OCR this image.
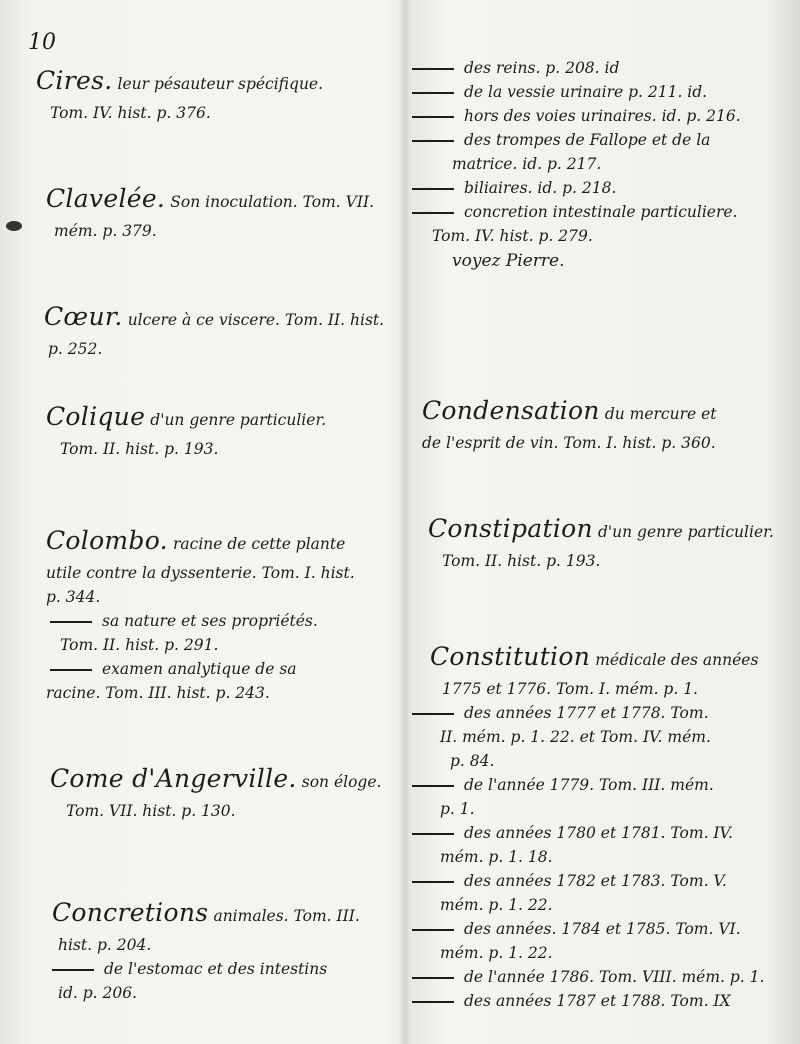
10
Cires. leur pésauteur spécifique.
Tom. IV. hist. p. 376.
Clavelée. Son inoculation. Tom. VII.
mém. p. 379.
Cœur. ulcere à ce viscere. Tom. II. hist.
p. 252.
Colique d'un genre particulier.
Tom. II. hist. p. 193.
Colombo. racine de cette plante
utile contre la dyssenterie. Tom. I. hist.
p. 344.
sa nature et ses propriétés.
Tom. II. hist. p. 291.
examen analytique de sa
racine. Tom. III. hist. p. 243.
Come d'Angerville. son éloge.
Tom. VII. hist. p. 130.
Concretions animales. Tom. III.
hist. p. 204.
de l'estomac et des intestins
id. p. 206.
des reins. p. 208. id
de la vessie urinaire p. 211. id.
hors des voies urinaires. id. p. 216.
des trompes de Fallope et de la
matrice. id. p. 217.
biliaires. id. p. 218.
concretion intestinale particuliere.
Tom. IV. hist. p. 279.
voyez Pierre.
Condensation du mercure et
de l'esprit de vin. Tom. I. hist. p. 360.
Constipation d'un genre particulier.
Tom. II. hist. p. 193.
Constitution médicale des années
1775 et 1776. Tom. I. mém. p. 1.
des années 1777 et 1778. Tom.
II. mém. p. 1. 22. et Tom. IV. mém.
p. 84.
de l'année 1779. Tom. III. mém.
p. 1.
des années 1780 et 1781. Tom. IV.
mém. p. 1. 18.
des années 1782 et 1783. Tom. V.
mém. p. 1. 22.
des années. 1784 et 1785. Tom. VI.
mém. p. 1. 22.
de l'année 1786. Tom. VIII. mém. p. 1.
des années 1787 et 1788. Tom. IX
